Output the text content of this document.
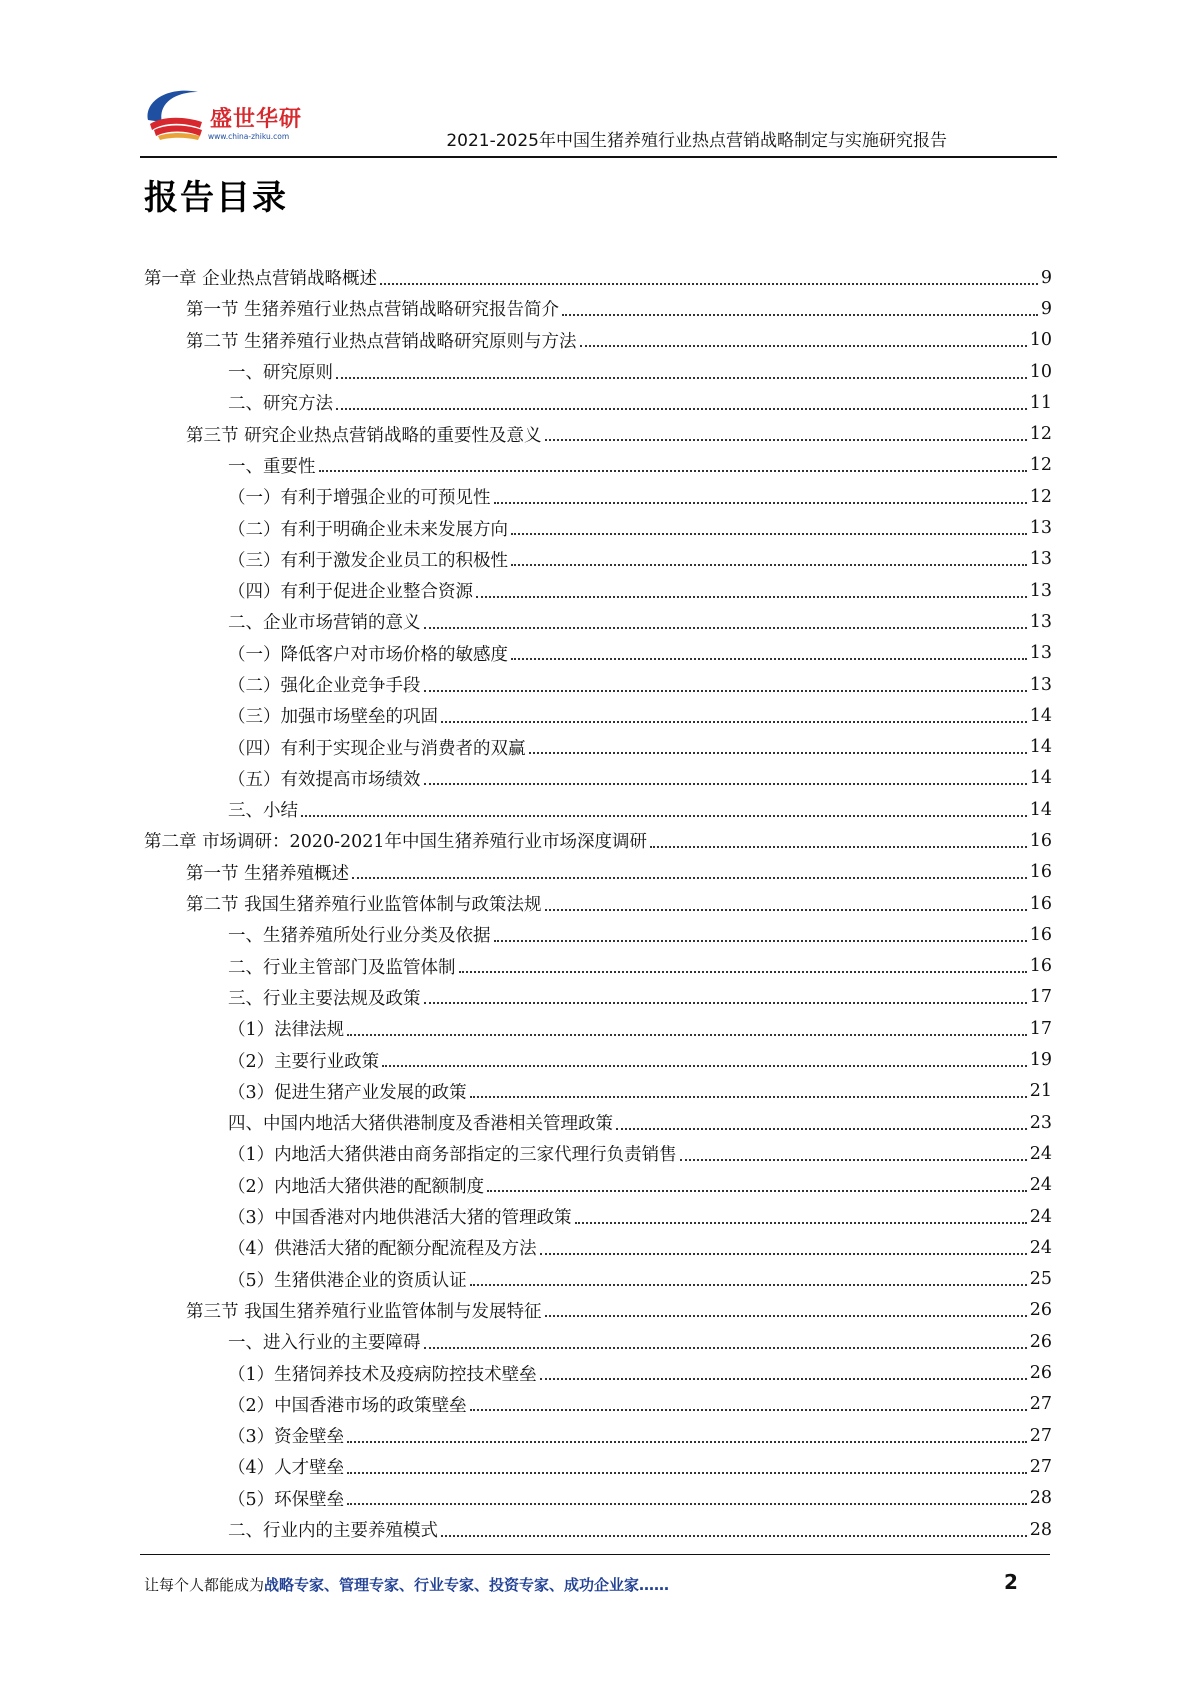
盛世华研
www.china-zhiku.com	2021-2025年中国生猪养殖行业热点营销战略制定与实施研究报告
报告目录
第一章 企业热点营销战略概述	9
第一节 生猪养殖行业热点营销战略研究报告简介	9
第二节 生猪养殖行业热点营销战略研究原则与方法	10
一、研究原则	10
二、研究方法	11
第三节 研究企业热点营销战略的重要性及意义	12
一、重要性	12
（一）有利于增强企业的可预见性	12
（二）有利于明确企业未来发展方向	13
（三）有利于激发企业员工的积极性	13
（四）有利于促进企业整合资源	13
二、企业市场营销的意义	13
（一）降低客户对市场价格的敏感度	13
（二）强化企业竞争手段	13
（三）加强市场壁垒的巩固	14
（四）有利于实现企业与消费者的双赢	14
（五）有效提高市场绩效	14
三、小结	14
第二章 市场调研：2020-2021年中国生猪养殖行业市场深度调研	16
第一节 生猪养殖概述	16
第二节 我国生猪养殖行业监管体制与政策法规	16
一、生猪养殖所处行业分类及依据	16
二、行业主管部门及监管体制	16
三、行业主要法规及政策	17
（1）法律法规	17
（2）主要行业政策	19
（3）促进生猪产业发展的政策	21
四、中国内地活大猪供港制度及香港相关管理政策	23
（1）内地活大猪供港由商务部指定的三家代理行负责销售	24
（2）内地活大猪供港的配额制度	24
（3）中国香港对内地供港活大猪的管理政策	24
（4）供港活大猪的配额分配流程及方法	24
（5）生猪供港企业的资质认证	25
第三节 我国生猪养殖行业监管体制与发展特征	26
一、进入行业的主要障碍	26
（1）生猪饲养技术及疫病防控技术壁垒	26
（2）中国香港市场的政策壁垒	27
（3）资金壁垒	27
（4）人才壁垒	27
（5）环保壁垒	28
二、行业内的主要养殖模式	28
让每个人都能成为战略专家、管理专家、行业专家、投资专家、成功企业家……	2
